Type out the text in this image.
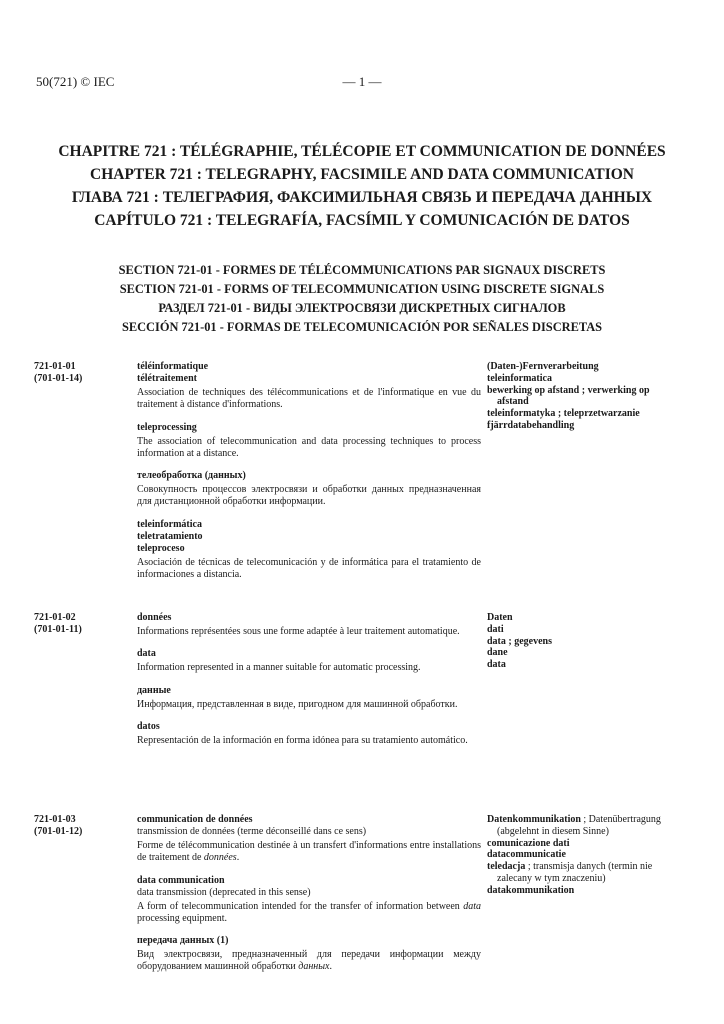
50(721) © IEC	— 1 —
CHAPITRE 721 : TÉLÉGRAPHIE, TÉLÉCOPIE ET COMMUNICATION DE DONNÉES
CHAPTER 721 : TELEGRAPHY, FACSIMILE AND DATA COMMUNICATION
ГЛАВА 721 : ТЕЛЕГРАФИЯ, ФАКСИМИЛЬНАЯ СВЯЗЬ И ПЕРЕДАЧА ДАННЫХ
CAPÍTULO 721 : TELEGRAFÍA, FACSÍMIL Y COMUNICACIÓN DE DATOS
SECTION 721-01 - FORMES DE TÉLÉCOMMUNICATIONS PAR SIGNAUX DISCRETS
SECTION 721-01 - FORMS OF TELECOMMUNICATION USING DISCRETE SIGNALS
РАЗДЕЛ 721-01 - ВИДЫ ЭЛЕКТРОСВЯЗИ ДИСКРЕТНЫХ СИГНАЛОВ
SECCIÓN 721-01 - FORMAS DE TELECOMUNICACIÓN POR SEÑALES DISCRETAS
721-01-01
(701-01-14)
téléinformatique
télétraitement
Association de techniques des télécommunications et de l'informatique en vue du traitement à distance d'informations.
teleprocessing
The association of telecommunication and data processing techniques to process information at a distance.
телеобработка (данных)
Совокупность процессов электросвязи и обработки данных предназначенная для дистанционной обработки информации.
teleinformática
teletratamiento
teleproceso
Asociación de técnicas de telecomunicación y de informática para el tratamiento de informaciones a distancia.
(Daten-)Fernverarbeitung
teleinformatica
bewerking op afstand ; verwerking op
afstand
teleinformatyka ; teleprzetwarzanie
fjärrdatabehandling
721-01-02
(701-01-11)
données
Informations représentées sous une forme adaptée à leur traitement automatique.
data
Information represented in a manner suitable for automatic processing.
данные
Информация, представленная в виде, пригодном для машинной обработки.
datos
Representación de la información en forma idónea para su tratamiento automático.
Daten
dati
data ; gegevens
dane
data
721-01-03
(701-01-12)
communication de données
transmission de données (terme déconseillé dans ce sens)
Forme de télécommunication destinée à un transfert d'informations entre installations de traitement de données.
data communication
data transmission (deprecated in this sense)
A form of telecommunication intended for the transfer of information between data processing equipment.
передача данных (1)
Вид электросвязи, предназначенный для передачи информации между оборудованием машинной обработки данных.
Datenkommunikation ; Datenübertragung
(abgelehnt in diesem Sinne)
comunicazione dati
datacommunicatie
teledacja ; transmisja danych (termin nie
zalecany w tym znaczeniu)
datakommunikation
